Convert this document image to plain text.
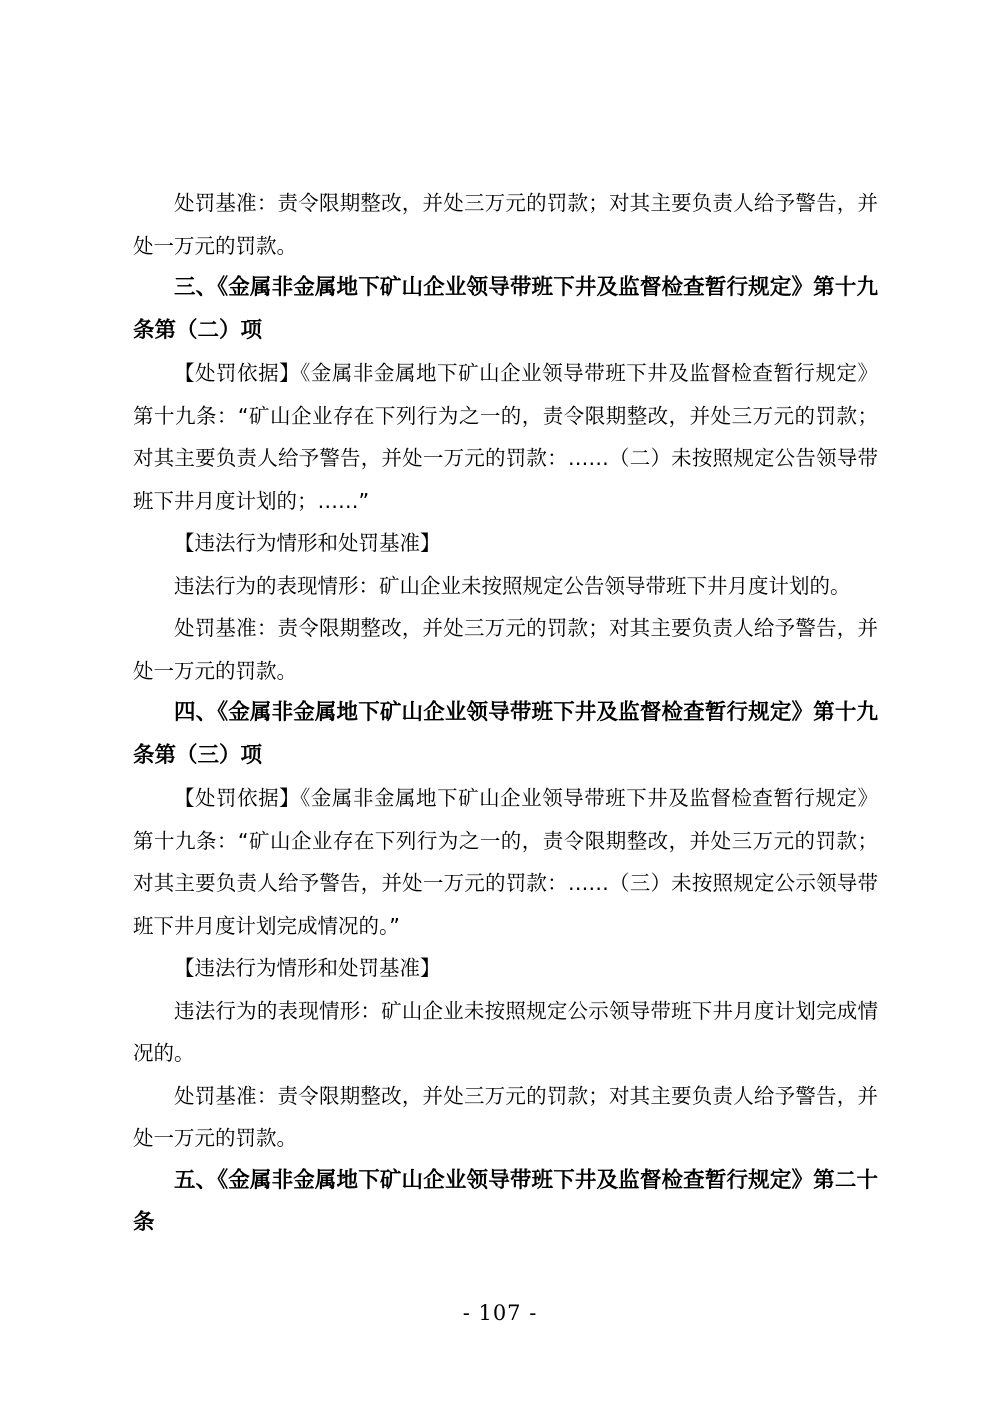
处罚基准：责令限期整改，并处三万元的罚款；对其主要负责人给予警告，并处一万元的罚款。

三、《金属非金属地下矿山企业领导带班下井及监督检查暂行规定》第十九条第（二）项

【处罚依据】《金属非金属地下矿山企业领导带班下井及监督检查暂行规定》第十九条：“矿山企业存在下列行为之一的，责令限期整改，并处三万元的罚款；对其主要负责人给予警告，并处一万元的罚款：……（二）未按照规定公告领导带班下井月度计划的；……”

【违法行为情形和处罚基准】

违法行为的表现情形：矿山企业未按照规定公告领导带班下井月度计划的。

处罚基准：责令限期整改，并处三万元的罚款；对其主要负责人给予警告，并处一万元的罚款。

四、《金属非金属地下矿山企业领导带班下井及监督检查暂行规定》第十九条第（三）项

【处罚依据】《金属非金属地下矿山企业领导带班下井及监督检查暂行规定》第十九条：“矿山企业存在下列行为之一的，责令限期整改，并处三万元的罚款；对其主要负责人给予警告，并处一万元的罚款：……（三）未按照规定公示领导带班下井月度计划完成情况的。”

【违法行为情形和处罚基准】

违法行为的表现情形：矿山企业未按照规定公示领导带班下井月度计划完成情况的。

处罚基准：责令限期整改，并处三万元的罚款；对其主要负责人给予警告，并处一万元的罚款。

五、《金属非金属地下矿山企业领导带班下井及监督检查暂行规定》第二十条

- 107 -
